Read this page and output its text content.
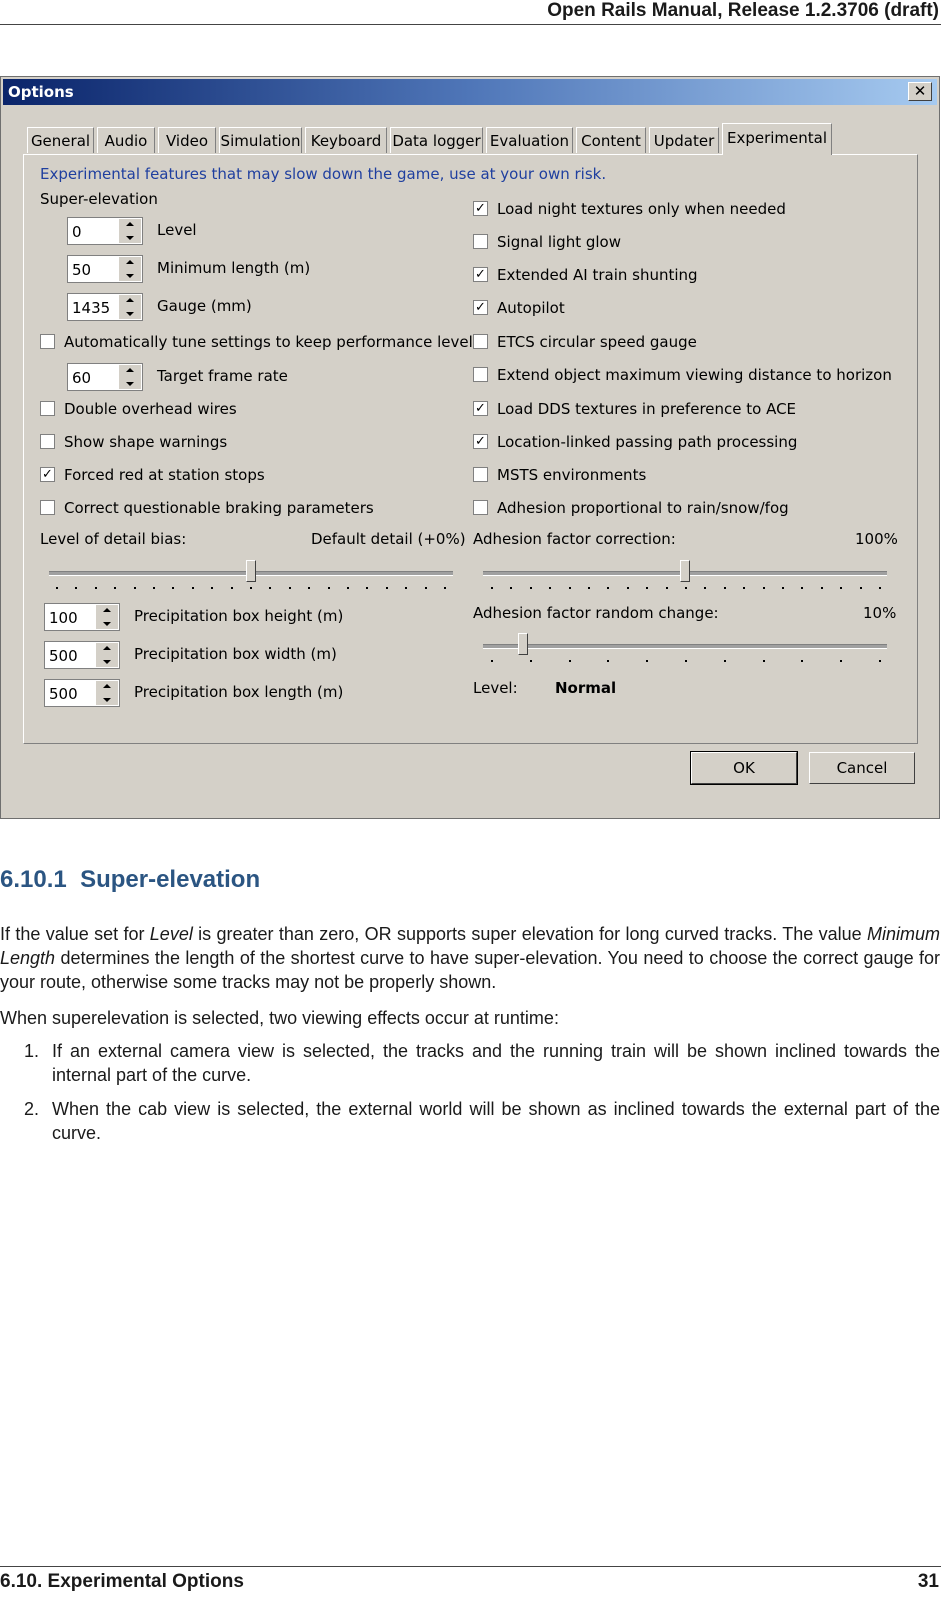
Open Rails Manual, Release 1.2.3706 (draft)
Options	✕
General Audio	Video Simulation Keyboard Data logger Evaluation Content Updater Experimental
Experimental features that may slow down the game, use at your own risk.
Super-elevation
0	Level
50	Minimum length (m)
1435	Gauge (mm)
Automatically tune settings to keep performance level
60	Target frame rate
Double overhead wires
Show shape warnings
✓ Forced red at station stops
Correct questionable braking parameters
✓ Load night textures only when needed
Signal light glow
✓ Extended AI train shunting
✓ Autopilot
ETCS circular speed gauge
Extend object maximum viewing distance to horizon
✓ Load DDS textures in preference to ACE
✓ Location-linked passing path processing
MSTS environments
Adhesion proportional to rain/snow/fog
Level of detail bias:	Default detail (+0%)
100	Precipitation box height (m)
500	Precipitation box width (m)
500	Precipitation box length (m)
Adhesion factor correction:	100%
Adhesion factor random change:	10%
Level: Normal
OK	Cancel
6.10.1 Super-elevation
If the value set for Level is greater than zero, OR supports super elevation for long curved tracks. The value Minimum Length determines the length of the shortest curve to have super-elevation. You need to choose the correct gauge for your route, otherwise some tracks may not be properly shown.
When superelevation is selected, two viewing effects occur at runtime:
1. If an external camera view is selected, the tracks and the running train will be shown inclined towards the internal part of the curve.
2. When the cab view is selected, the external world will be shown as inclined towards the external part of the curve.
6.10. Experimental Options	31
